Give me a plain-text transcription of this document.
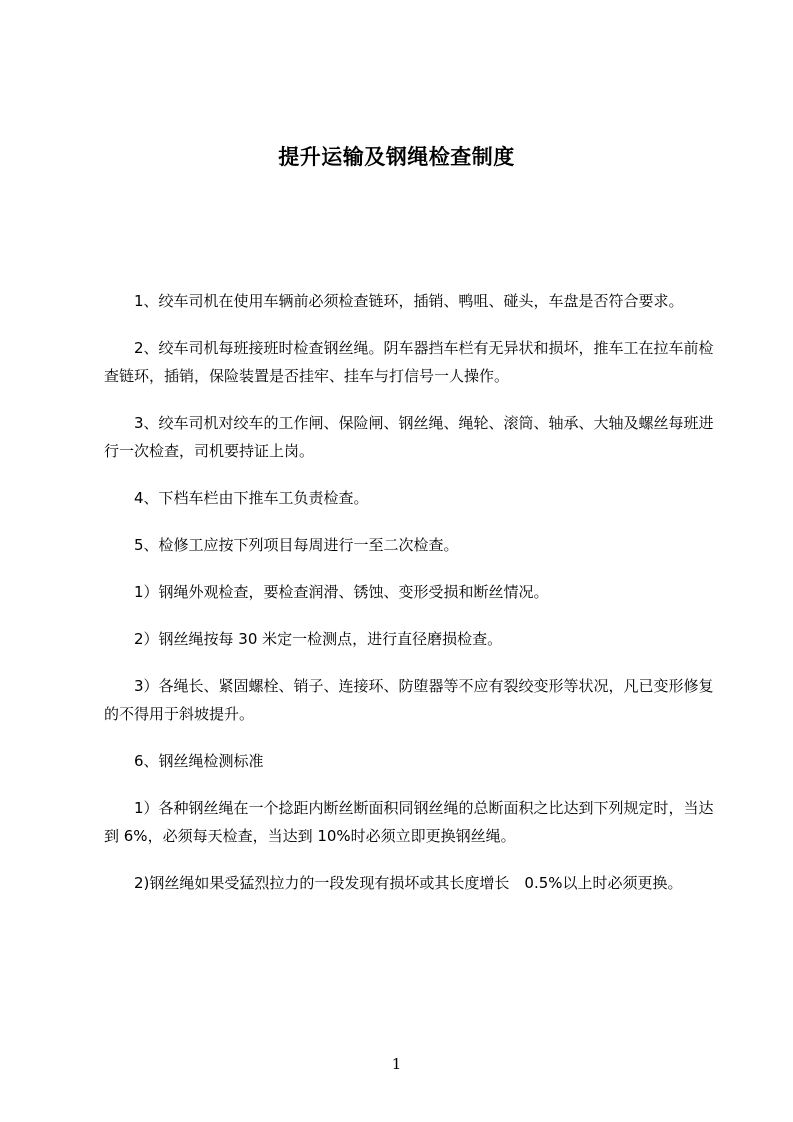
提升运输及钢绳检查制度

1、绞车司机在使用车辆前必须检查链环，插销、鸭咀、碰头，车盘是否符合要求。

2、绞车司机每班接班时检查钢丝绳。阴车器挡车栏有无异状和损坏，推车工在拉车前检查链环，插销，保险装置是否挂牢、挂车与打信号一人操作。

3、绞车司机对绞车的工作闸、保险闸、钢丝绳、绳轮、滚筒、轴承、大轴及螺丝每班进行一次检查，司机要持证上岗。

4、下档车栏由下推车工负责检查。

5、检修工应按下列项目每周进行一至二次检查。

1）钢绳外观检查，要检查润滑、锈蚀、变形受损和断丝情况。

2）钢丝绳按每 30 米定一检测点，进行直径磨损检查。

3）各绳长、紧固螺栓、销子、连接环、防堕器等不应有裂绞变形等状况，凡已变形修复的不得用于斜坡提升。

6、钢丝绳检测标准

1）各种钢丝绳在一个捻距内断丝断面积同钢丝绳的总断面积之比达到下列规定时，当达到 6%，必须每天检查，当达到 10%时必须立即更换钢丝绳。

2)钢丝绳如果受猛烈拉力的一段发现有损坏或其长度增长　0.5%以上时必须更换。

1
